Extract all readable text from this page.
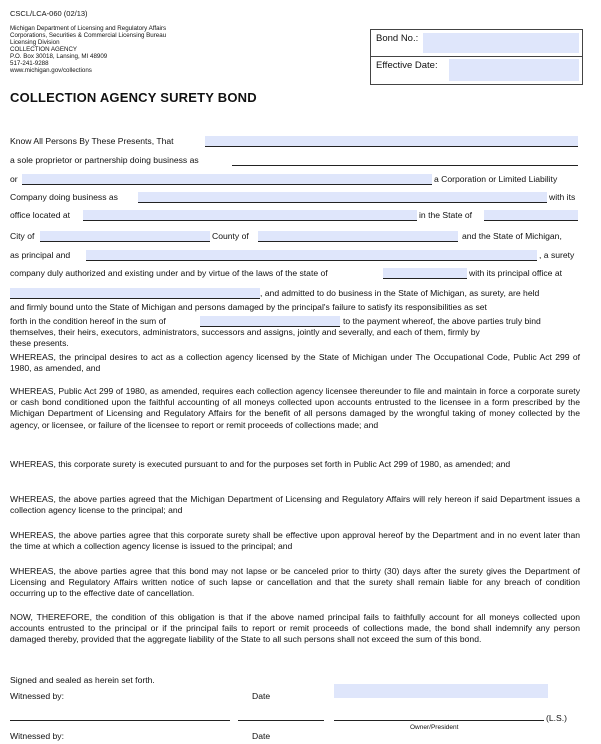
CSCL/LCA-060 (02/13)
Michigan Department of Licensing and Regulatory Affairs
Corporations, Securities & Commercial Licensing Bureau
Licensing Division
COLLECTION AGENCY
P.O. Box 30018, Lansing, MI 48909
517-241-9288
www.michigan.gov/collections
Bond No.:
Effective Date:
COLLECTION AGENCY SURETY BOND
Know All Persons By These Presents, That
a sole proprietor or partnership doing business as
or	a Corporation or Limited Liability
Company doing business as	with its
office located at	in the State of
City of	County of	and the State of Michigan,
as principal and	, a surety
company duly authorized and existing under and by virtue of the laws of the state of	with its principal office at
, and admitted to do business in the State of Michigan, as surety, are held
and firmly bound unto the State of Michigan and persons damaged by the principal's failure to satisfy its responsibilities as set
forth in the condition hereof in the sum of	to the payment whereof, the above parties truly bind
themselves, their heirs, executors, administrators, successors and assigns, jointly and severally, and each of them, firmly by
these presents.
WHEREAS, the principal desires to act as a collection agency licensed by the State of Michigan under The Occupational Code, Public Act 299 of 1980, as amended, and
WHEREAS, Public Act 299 of 1980, as amended, requires each collection agency licensee thereunder to file and maintain in force a corporate surety or cash bond conditioned upon the faithful accounting of all moneys collected upon accounts entrusted to the licensee in a form prescribed by the Michigan Department of Licensing and Regulatory Affairs for the benefit of all persons damaged by the wrongful taking of money collected by the agency, or licensee, or failure of the licensee to report or remit proceeds of collections made; and
WHEREAS, this corporate surety is executed pursuant to and for the purposes set forth in Public Act 299 of 1980, as amended; and
WHEREAS, the above parties agreed that the Michigan Department of Licensing and Regulatory Affairs will rely hereon if said Department issues a collection agency license to the principal; and
WHEREAS, the above parties agree that this corporate surety shall be effective upon approval hereof by the Department and in no event later than the time at which a collection agency license is issued to the principal; and
WHEREAS, the above parties agree that this bond may not lapse or be canceled prior to thirty (30) days after the surety gives the Department of Licensing and Regulatory Affairs written notice of such lapse or cancellation and that the surety shall remain liable for any breach of condition occurring up to the effective date of cancellation.
NOW, THEREFORE, the condition of this obligation is that if the above named principal fails to faithfully account for all moneys collected upon accounts entrusted to the principal or if the principal fails to report or remit proceeds of collections made, the bond shall indemnify any person damaged thereby, provided that the aggregate liability of the State to all such persons shall not exceed the sum of this bond.
Signed and sealed as herein set forth.
Witnessed by:	Date
(L.S.)
Owner/President
Witnessed by:	Date
